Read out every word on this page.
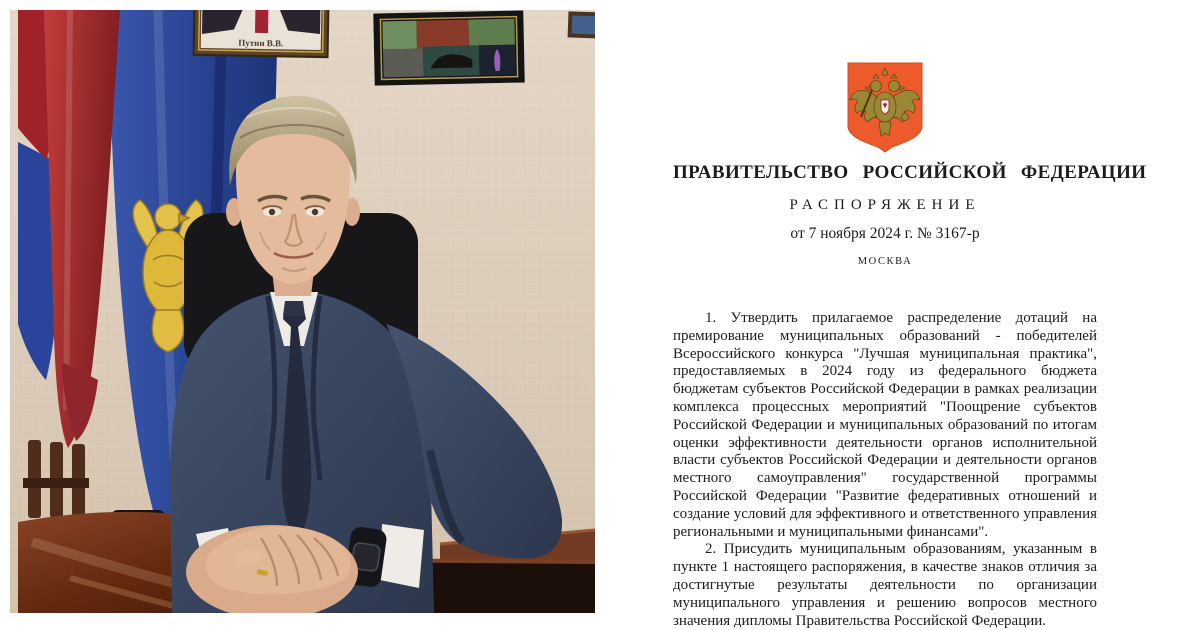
Путин В.В.
ПРАВИТЕЛЬСТВО РОССИЙСКОЙ ФЕДЕРАЦИИ
РАСПОРЯЖЕНИЕ
от 7 ноября 2024 г. № 3167-р
МОСКВА

1. Утвердить прилагаемое распределение дотаций на премирование муниципальных образований - победителей Всероссийского конкурса "Лучшая муниципальная практика", предоставляемых в 2024 году из федерального бюджета бюджетам субъектов Российской Федерации в рамках реализации комплекса процессных мероприятий "Поощрение субъектов Российской Федерации и муниципальных образований по итогам оценки эффективности деятельности органов исполнительной власти субъектов Российской Федерации и деятельности органов местного самоуправления" государственной программы Российской Федерации "Развитие федеративных отношений и создание условий для эффективного и ответственного управления региональными и муниципальными финансами".

2. Присудить муниципальным образованиям, указанным в пункте 1 настоящего распоряжения, в качестве знаков отличия за достигнутые результаты деятельности по организации муниципального управления и решению вопросов местного значения дипломы Правительства Российской Федерации.
